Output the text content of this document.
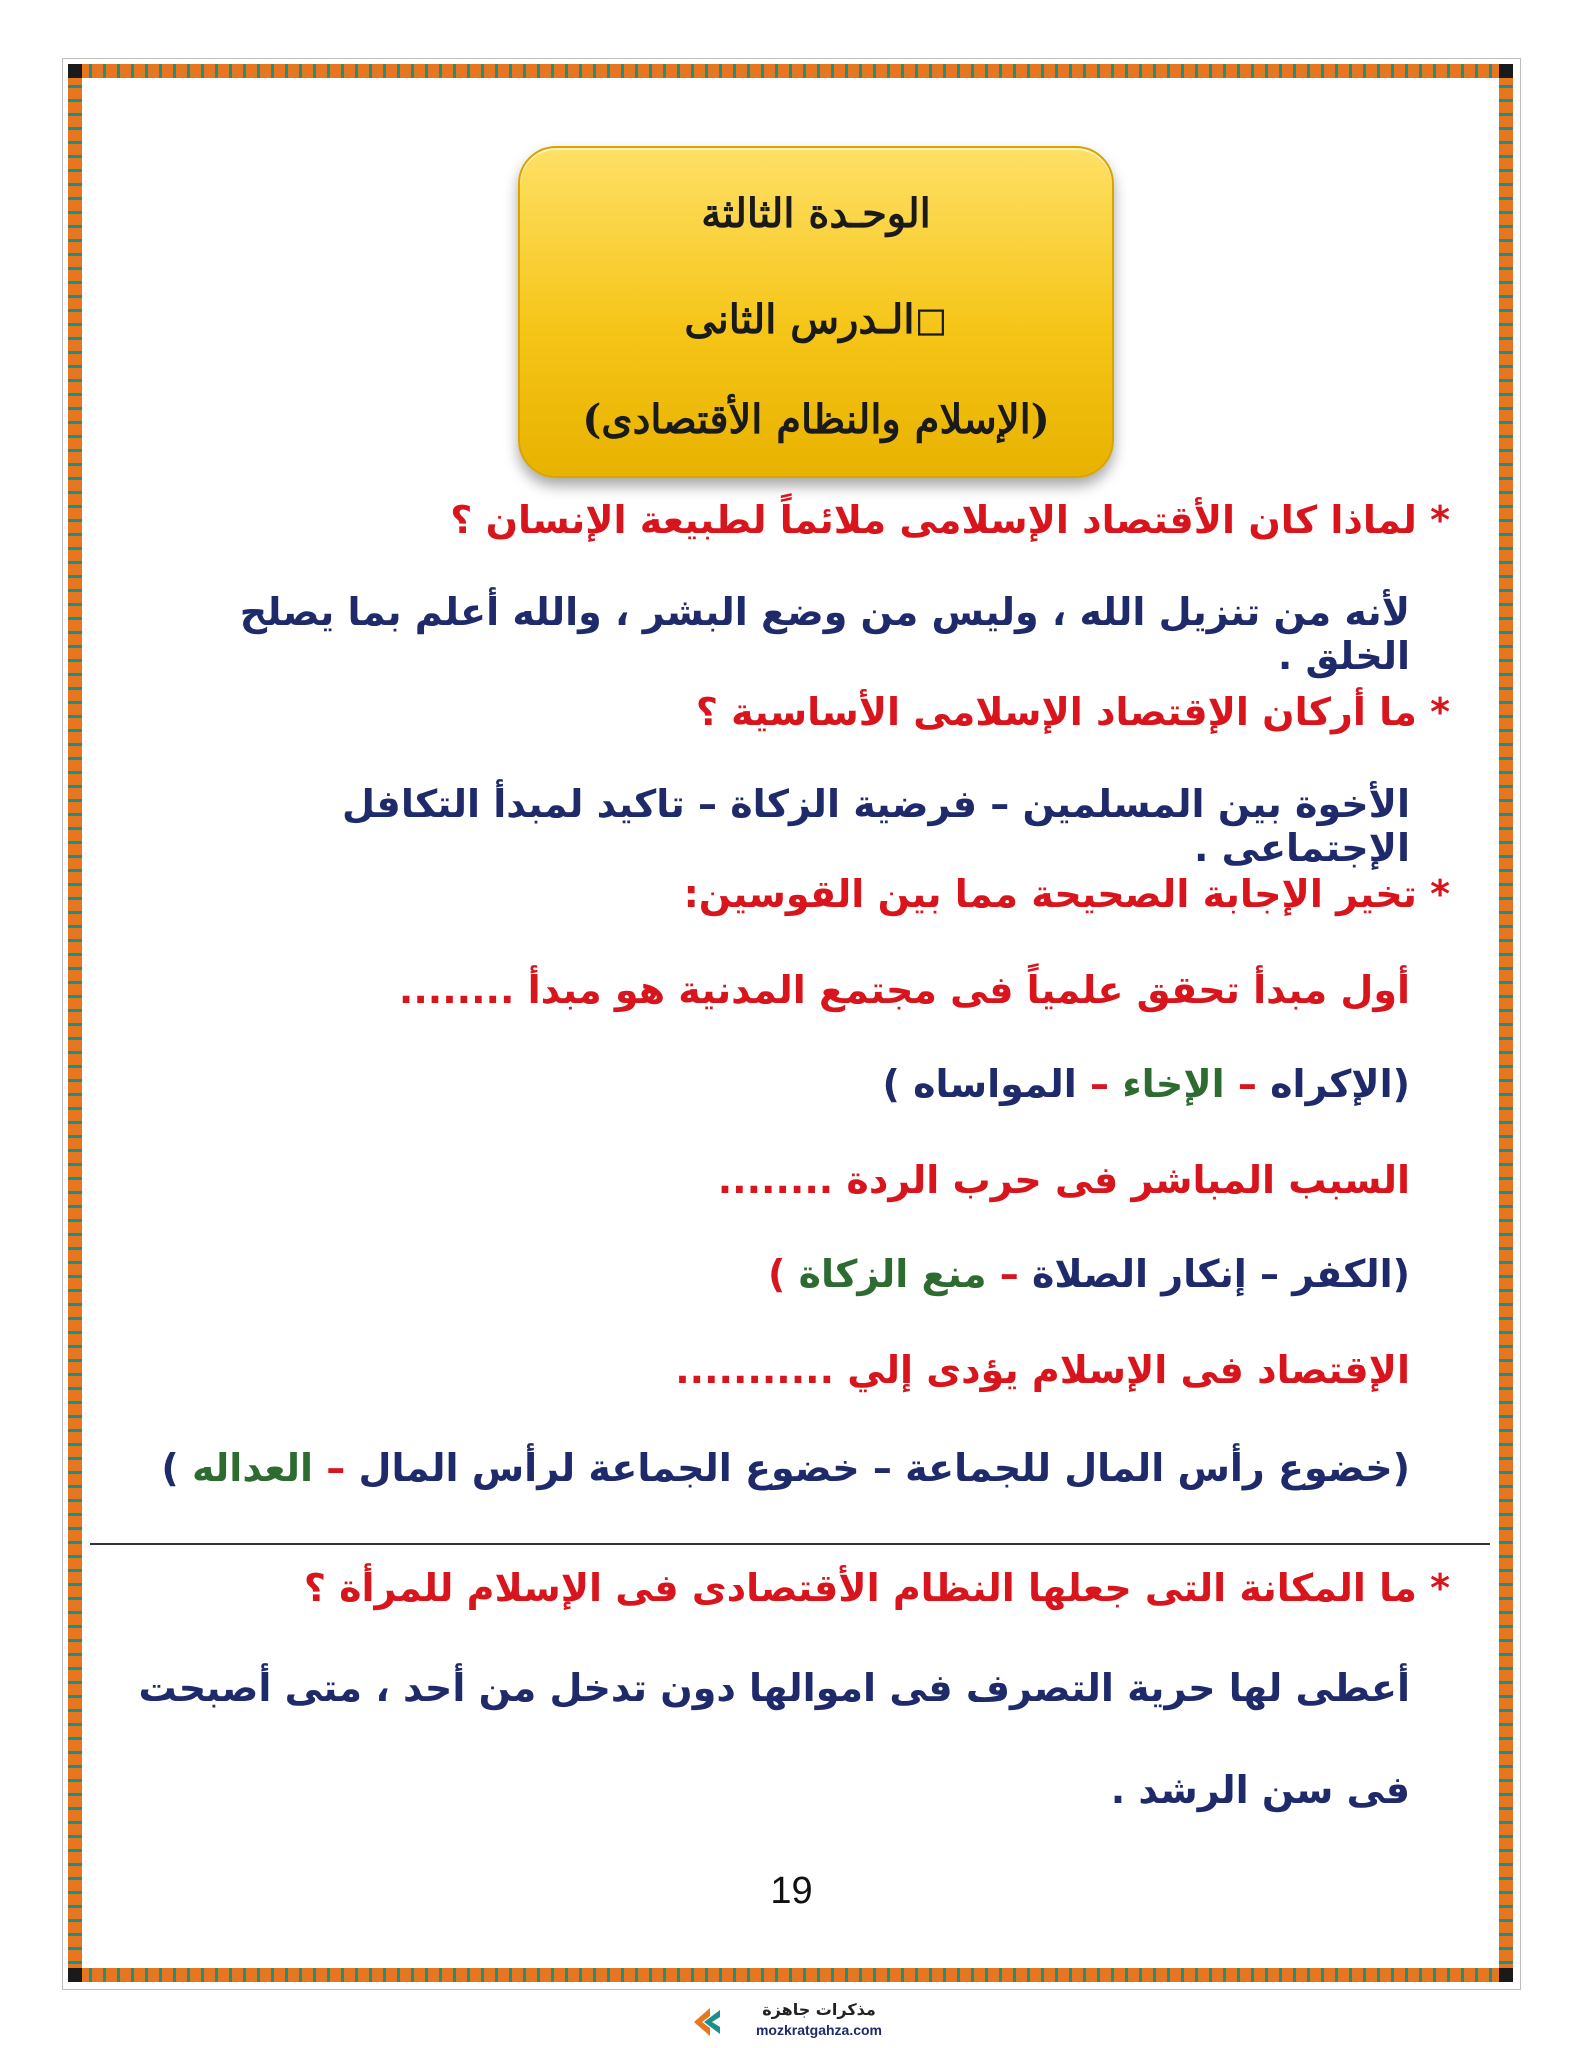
الوحـدة الثالثة
◻الـدرس الثانى
(الإسلام والنظام الأقتصادى)
* لماذا كان الأقتصاد الإسلامى ملائماً لطبيعة الإنسان ؟
لأنه من تنزيل الله ، وليس من وضع البشر ، والله أعلم بما يصلح الخلق .
* ما أركان الإقتصاد الإسلامى الأساسية ؟
الأخوة بين المسلمين – فرضية الزكاة – تاكيد لمبدأ التكافل الإجتماعى .
* تخير الإجابة الصحيحة مما بين القوسين:
أول مبدأ تحقق علمياً فى مجتمع المدنية هو مبدأ ........
(الإكراه – الإخاء – المواساه )
السبب المباشر فى حرب الردة ........
(الكفر – إنكار الصلاة – منع الزكاة )
الإقتصاد فى الإسلام يؤدى إلي ...........
(خضوع رأس المال للجماعة – خضوع الجماعة لرأس المال – العداله )
* ما المكانة التى جعلها النظام الأقتصادى فى الإسلام للمرأة ؟
أعطى لها حرية التصرف فى اموالها دون تدخل من أحد ، متى أصبحت
فى سن الرشد .
19
مذكرات جاهزة
mozkratgahza.com
